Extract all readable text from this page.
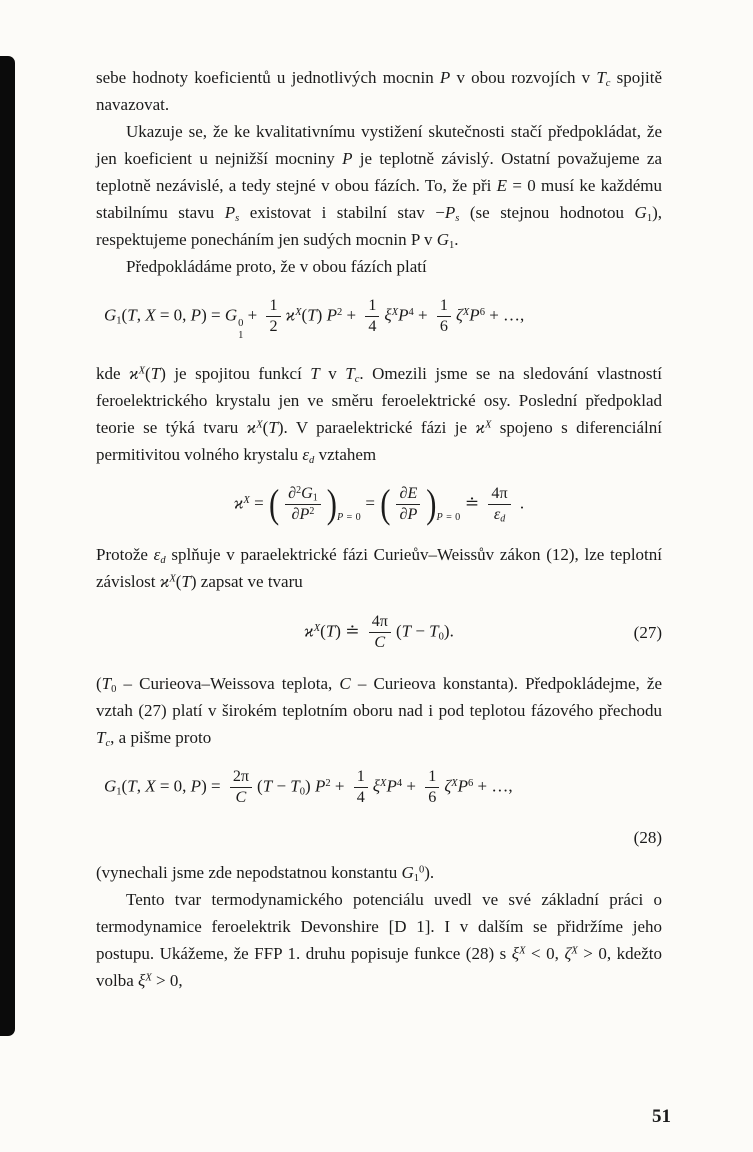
sebe hodnoty koeficientů u jednotlivých mocnin P v obou rozvojích v $T_c$ spojitě navazovat.

Ukazuje se, že ke kvalitativnímu vystižení skutečnosti stačí předpokládat, že jen koeficient u nejnižší mocniny P je teplotně závislý. Ostatní považujeme za teplotně nezávislé, a tedy stejné v obou fázích. To, že při E = 0 musí ke každému stabilnímu stavu $P_s$ existovat i stabilní stav $-P_s$ (se stejnou hodnotou $G_1$), respektujeme ponecháním jen sudých mocnin P v $G_1$.

Předpokládáme proto, že v obou fázích platí

$G_1(T$, X = 0, P) = G 0
1
+ $\frac{1}{2} ϰ^X(T) P^2 + \frac{1}{4} \xi^XP^4 + \frac{1}{6} \zeta^XP^6$ + …,

kde $ϰ^X(T)$ je spojitou funkcí T v $T_c$. Omezili jsme se na sledování vlastností feroelektrického krystalu jen ve směru feroelektrické osy. Poslední předpoklad teorie se týká tvaru $ϰ^X(T)$. V paraelektrické fázi je $ϰ^X$ spojeno s diferenciální permitivitou volného krystalu $\varepsilon_d$ vztahem

$ϰ^X$ = ( $\frac{\partial^2G_1}{\partial P^2} )_{P = 0}$ = ( $\frac{\partial E}{\partial P} )_{P = 0}$ ≐ $\frac{4\pi}{\varepsilon_d}$ .

Protože $\varepsilon_d$ splňuje v paraelektrické fázi Curieův–Weissův zákon (12), lze teplotní závislost $ϰ^X(T)$ zapsat ve tvaru

$ϰ^X(T)$ ≐ $\frac{4\pi}{C} (T - T_0)$.	(27)

($T_0$ – Curieova–Weissova teplota, C – Curieova konstanta). Předpokládejme, že vztah (27) platí v širokém teplotním oboru nad i pod teplotou fázového přechodu $T_c$, a pišme proto

$G_1(T$, X = 0, $P) = \frac{2\pi}{C} (T - T_0) P^2 + \frac{1}{4} \xi^XP^4 + \frac{1}{6} \zeta^XP^6$ + …,
(28)

(vynechali jsme zde nepodstatnou konstantu $G_1^0$).

Tento tvar termodynamického potenciálu uvedl ve své základní práci o termodynamice feroelektrik Devonshire [D 1]. I v dalším se přidržíme jeho postupu. Ukážeme, že FFP 1. druhu popisuje funkce (28) s $\xi^X < 0$, $\zeta^X > 0$, kdežto volba $\xi^X > 0$,

51
